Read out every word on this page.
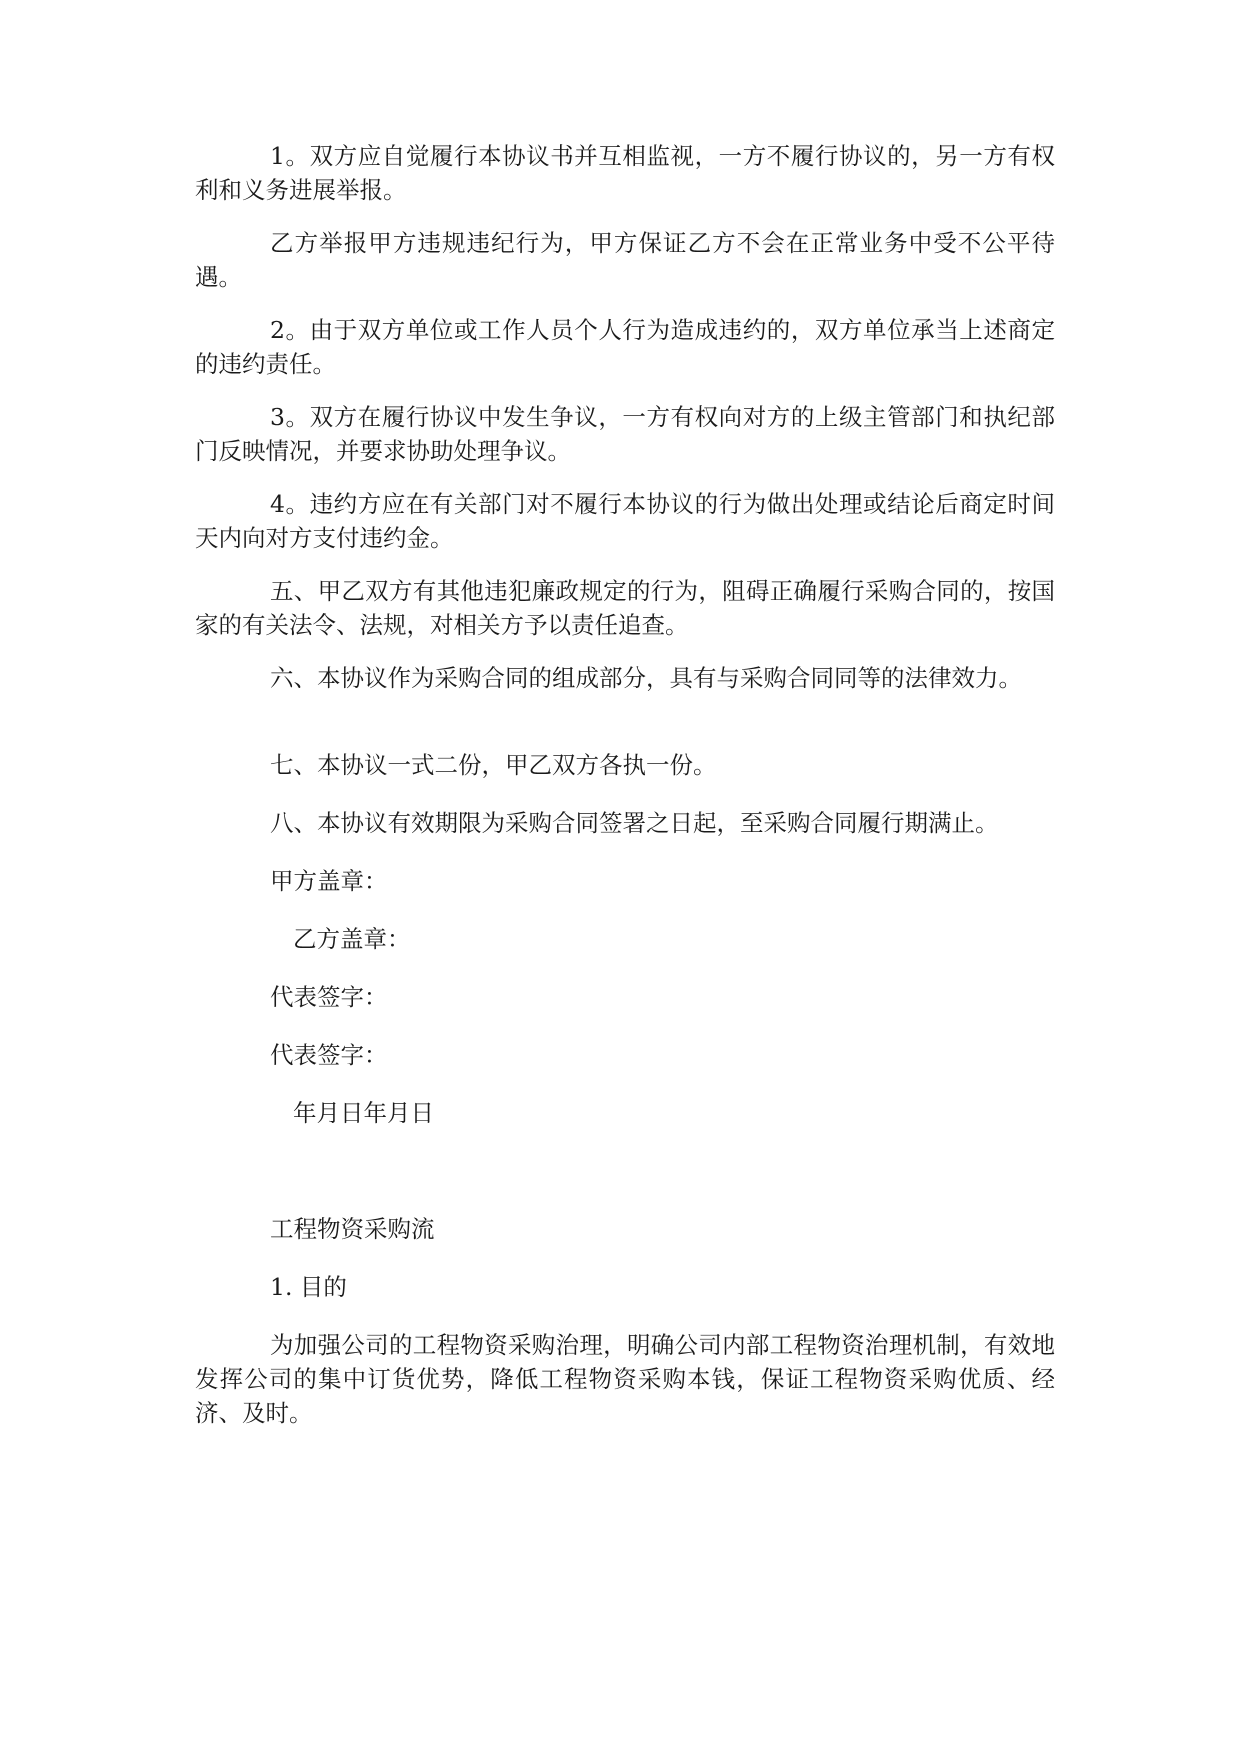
1。双方应自觉履行本协议书并互相监视，一方不履行协议的，另一方有权利和义务进展举报。

乙方举报甲方违规违纪行为，甲方保证乙方不会在正常业务中受不公平待遇。

2。由于双方单位或工作人员个人行为造成违约的，双方单位承当上述商定的违约责任。

3。双方在履行协议中发生争议，一方有权向对方的上级主管部门和执纪部门反映情况，并要求协助处理争议。

4。违约方应在有关部门对不履行本协议的行为做出处理或结论后商定时间天内向对方支付违约金。

五、甲乙双方有其他违犯廉政规定的行为，阻碍正确履行采购合同的，按国家的有关法令、法规，对相关方予以责任追查。

六、本协议作为采购合同的组成部分，具有与采购合同同等的法律效力。

七、本协议一式二份，甲乙双方各执一份。

八、本协议有效期限为采购合同签署之日起，至采购合同履行期满止。

甲方盖章：

乙方盖章：

代表签字：

代表签字：

年月日年月日

工程物资采购流

1. 目的

为加强公司的工程物资采购治理，明确公司内部工程物资治理机制，有效地发挥公司的集中订货优势，降低工程物资采购本钱，保证工程物资采购优质、经济、及时。
